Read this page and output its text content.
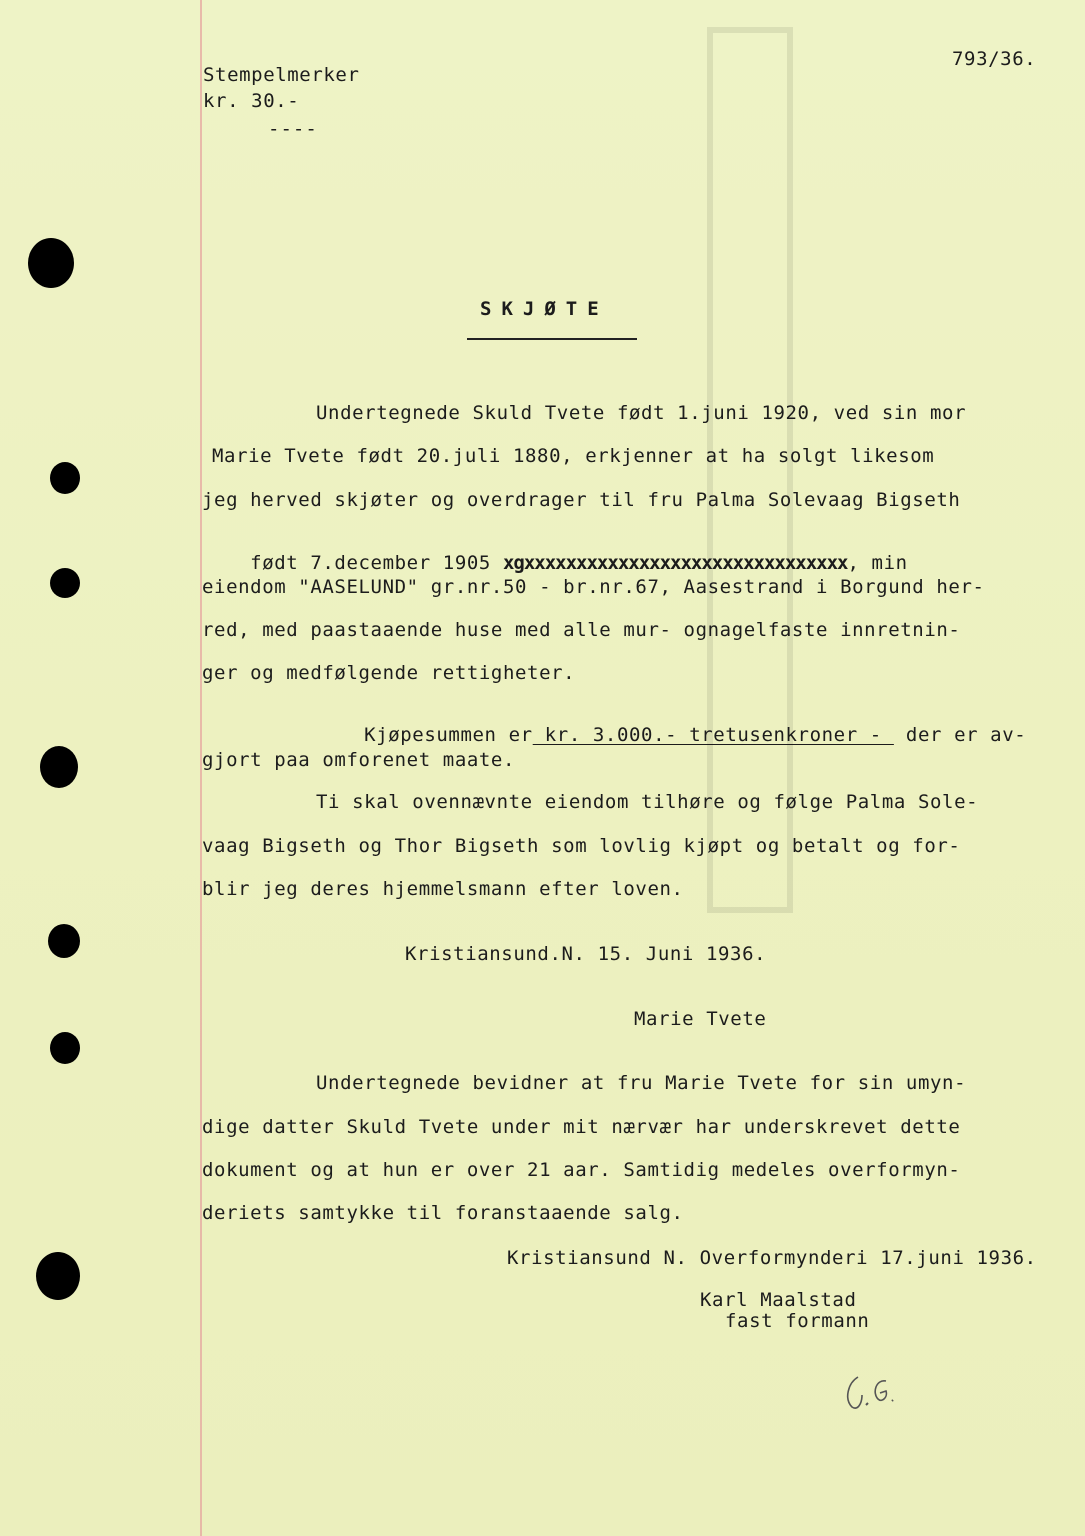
Stempelmerker
kr. 30.-
----
793/36.
SKJØTE
Undertegnede Skuld Tvete født 1.juni 1920, ved sin mor
Marie Tvete født 20.juli 1880, erkjenner at ha solgt likesom
jeg herved skjøter og overdrager til fru Palma Solevaag Bigseth

født 7.december 1905 xgxxxxxxxxxxxxxxxxxxxxxxxxxxxxxxx, min

eiendom "AASELUND" gr.nr.50 - br.nr.67, Aasestrand i Borgund her-
red, med paastaaende huse med alle mur- ognagelfaste innretnin-
ger og medfølgende rettigheter.

Kjøpesummen er kr. 3.000.- tretusenkroner -  der er av-

gjort paa omforenet maate.
Ti skal ovennævnte eiendom tilhøre og følge Palma Sole-
vaag Bigseth og Thor Bigseth som lovlig kjøpt og betalt og for-
blir jeg deres hjemmelsmann efter loven.
Kristiansund.N. 15. Juni 1936.
Marie Tvete
Undertegnede bevidner at fru Marie Tvete for sin umyn-
dige datter Skuld Tvete under mit nærvær har underskrevet dette
dokument og at hun er over 21 aar. Samtidig medeles overformyn-
deriets samtykke til foranstaaende salg.
Kristiansund N. Overformynderi 17.juni 1936.
Karl Maalstad
fast formann
